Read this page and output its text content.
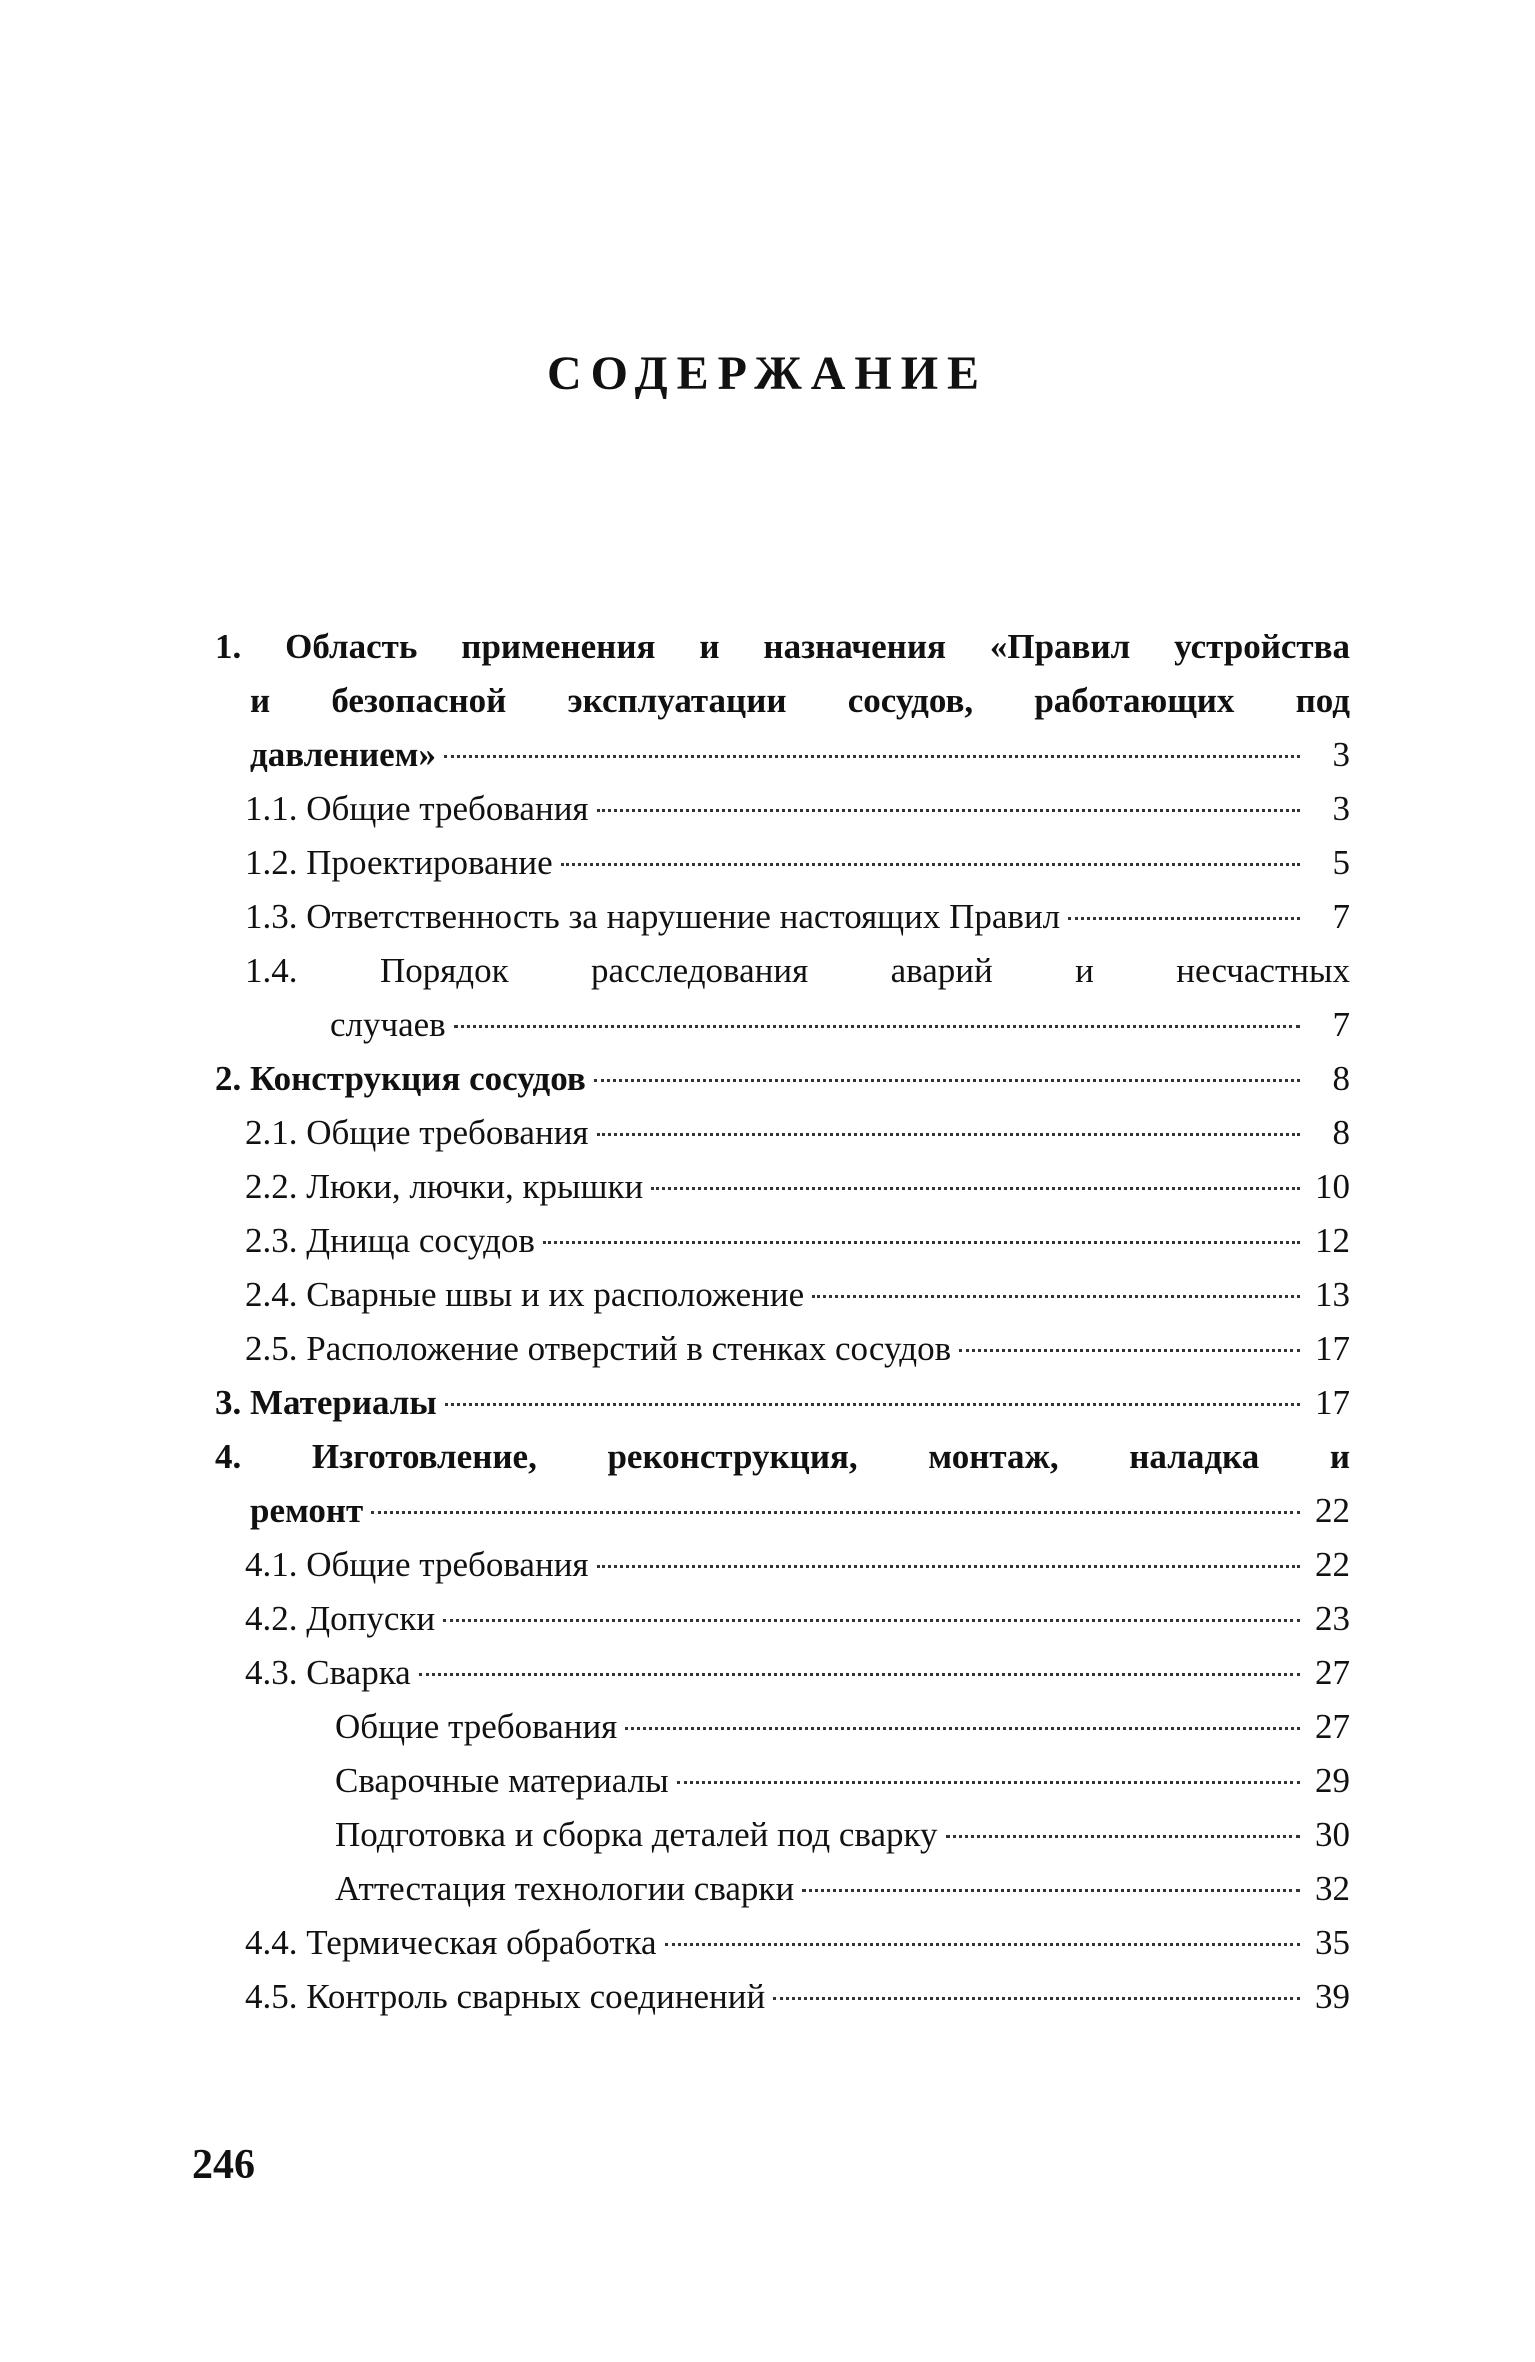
СОДЕРЖАНИЕ
1. Область применения и назначения «Правил устройства
и безопасной эксплуатации сосудов, работающих под
давлением»	3
1.1. Общие требования	3
1.2. Проектирование	5
1.3. Ответственность за нарушение настоящих Правил	7
1.4. Порядок расследования аварий и несчастных
случаев	7
2. Конструкция сосудов	8
2.1. Общие требования	8
2.2. Люки, лючки, крышки	10
2.3. Днища сосудов	12
2.4. Сварные швы и их расположение	13
2.5. Расположение отверстий в стенках сосудов	17
3. Материалы	17
4. Изготовление, реконструкция, монтаж, наладка и
ремонт	22
4.1. Общие требования	22
4.2. Допуски	23
4.3. Сварка	27
Общие требования	27
Сварочные материалы	29
Подготовка и сборка деталей под сварку	30
Аттестация технологии сварки	32
4.4. Термическая обработка	35
4.5. Контроль сварных соединений	39
246
